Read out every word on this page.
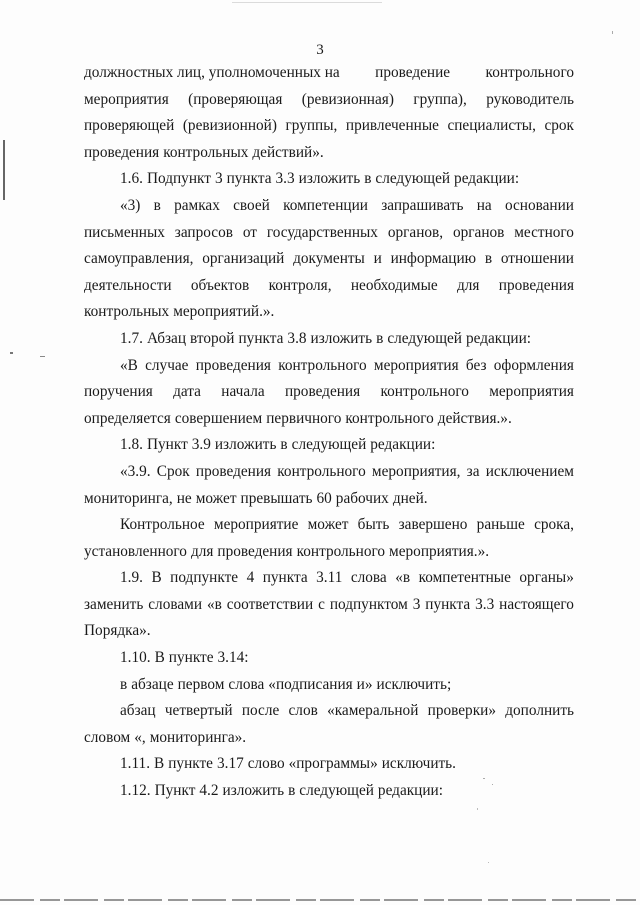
3
должностных лиц, уполномоченных на проведение контрольного
мероприятия (проверяющая (ревизионная) группа), руководитель
проверяющей (ревизионной) группы, привлеченные специалисты, срок
проведения контрольных действий».
1.6. Подпункт 3 пункта 3.3 изложить в следующей редакции:
«3) в рамках своей компетенции запрашивать на основании
письменных запросов от государственных органов, органов местного
самоуправления, организаций документы и информацию в отношении
деятельности объектов контроля, необходимые для проведения
контрольных мероприятий.».
1.7. Абзац второй пункта 3.8 изложить в следующей редакции:
«В случае проведения контрольного мероприятия без оформления
поручения дата начала проведения контрольного мероприятия
определяется совершением первичного контрольного действия.».
1.8. Пункт 3.9 изложить в следующей редакции:
«3.9. Срок проведения контрольного мероприятия, за исключением
мониторинга, не может превышать 60 рабочих дней.
Контрольное мероприятие может быть завершено раньше срока,
установленного для проведения контрольного мероприятия.».
1.9. В подпункте 4 пункта 3.11 слова «в компетентные органы»
заменить словами «в соответствии с подпунктом 3 пункта 3.3 настоящего
Порядка».
1.10. В пункте 3.14:
в абзаце первом слова «подписания и» исключить;
абзац четвертый после слов «камеральной проверки» дополнить
словом «, мониторинга».
1.11. В пункте 3.17 слово «программы» исключить.
1.12. Пункт 4.2 изложить в следующей редакции:
